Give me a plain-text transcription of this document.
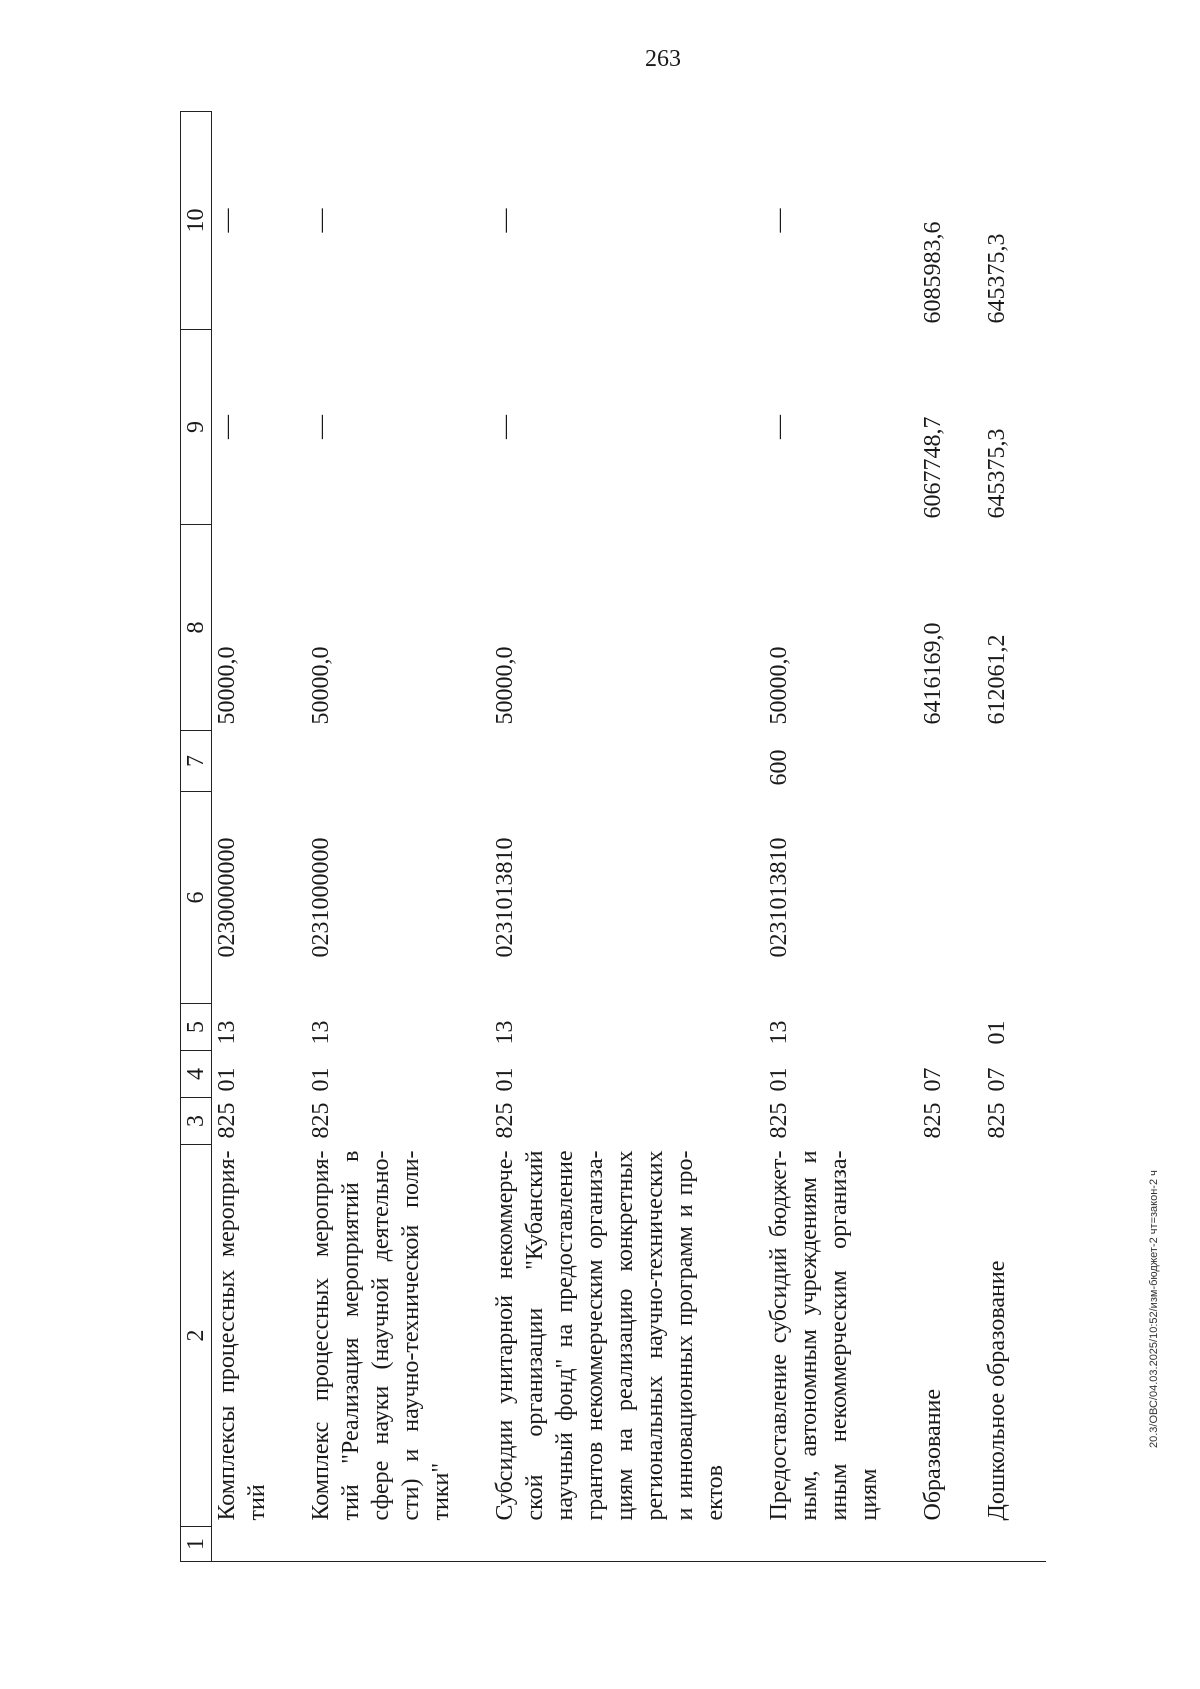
263
1	2	3	4	5	6	7	8	9	10
	Комплексы процессных мероприя-тий	825	01	13	0230000000		50000,0	—	—
	Комплекс процессных мероприя-тий "Реализация мероприятий в сфере науки (научной деятельно-сти) и научно-технической поли-тики"	825	01	13	0231000000		50000,0	—	—
	Субсидии унитарной некоммерче-ской организации "Кубанский научный фонд" на предоставление грантов некоммерческим организа-циям на реализацию конкретных региональных научно-технических и инновационных программ и про-ектов	825	01	13	0231013810		50000,0	—	—
	Предоставление субсидий бюджет-ным, автономным учреждениям и иным некоммерческим организа-циям	825	01	13	0231013810	600	50000,0	—	—
	Образование	825	07				6416169,0	6067748,7	6085983,6
	Дошкольное образование	825	07	01			612061,2	645375,3	645375,3
20.3/ОВС/04.03.2025/10:52/изм-бюджет-2 чт=закон-2 ч
